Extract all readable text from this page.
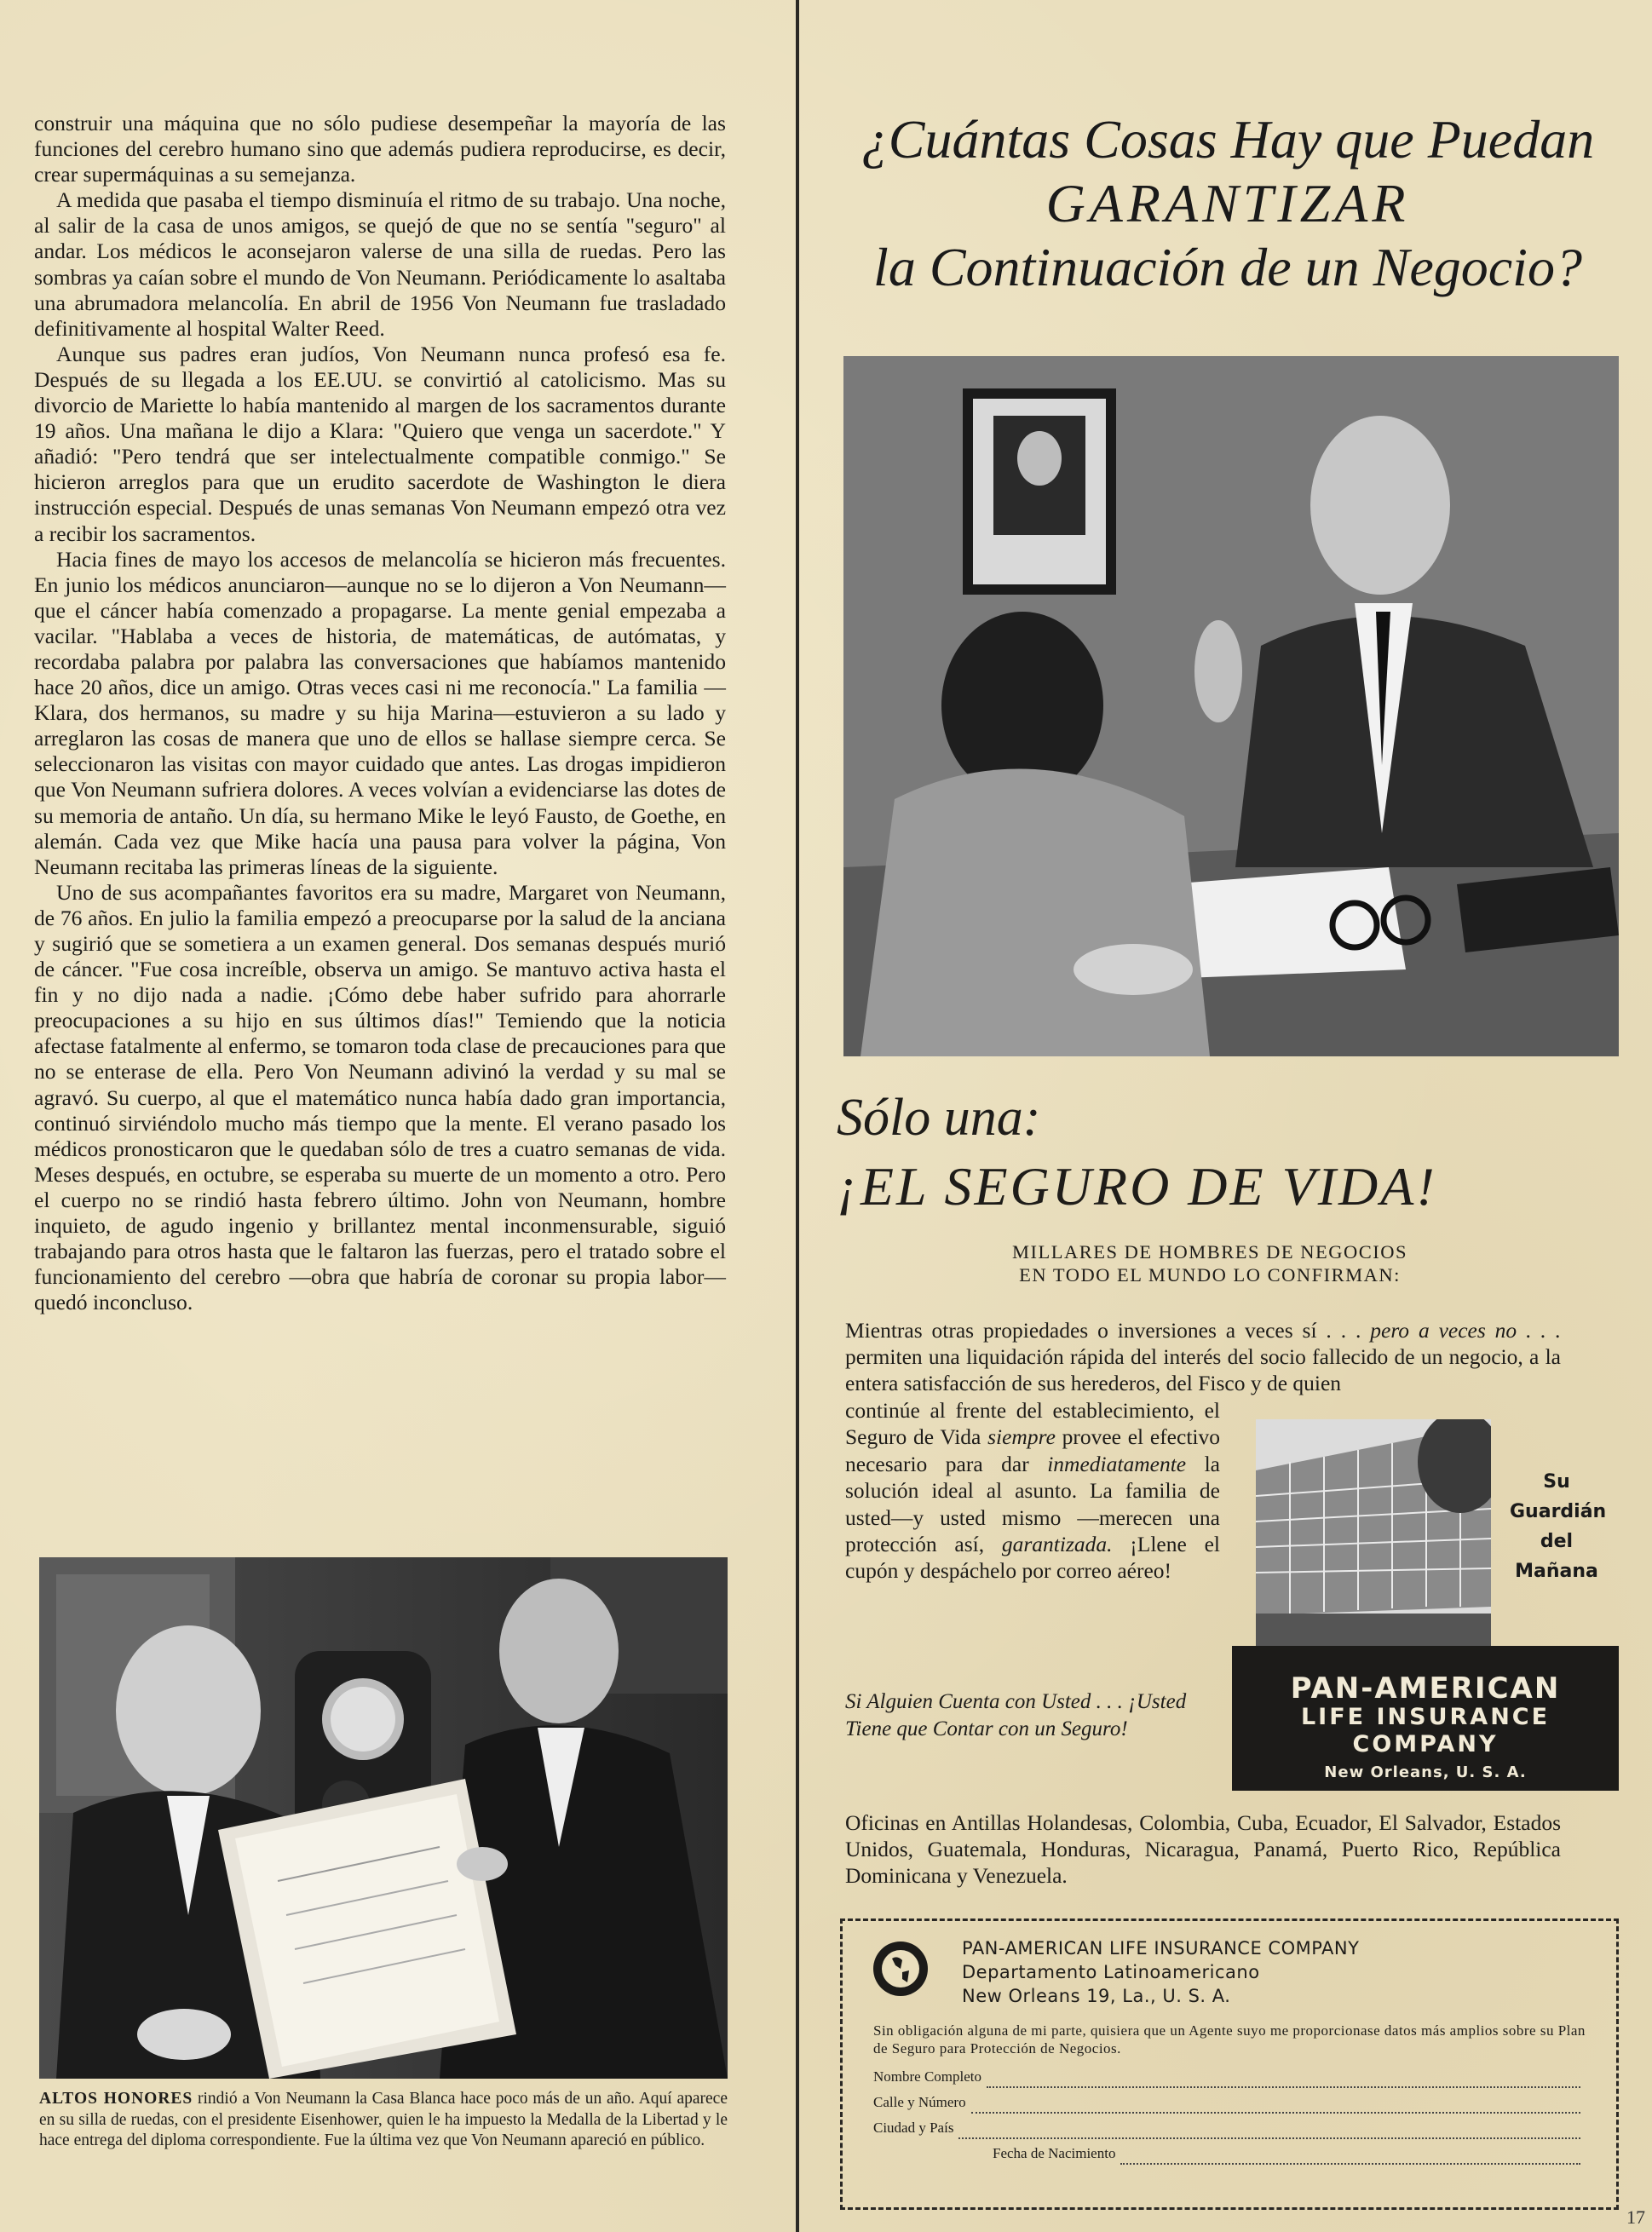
construir una máquina que no sólo pudiese desempeñar la mayoría de las funciones del cerebro humano sino que además pudiera reproducirse, es decir, crear supermáquinas a su semejanza.

A medida que pasaba el tiempo disminuía el ritmo de su trabajo. Una noche, al salir de la casa de unos amigos, se quejó de que no se sentía "seguro" al andar. Los médicos le aconsejaron valerse de una silla de ruedas. Pero las sombras ya caían sobre el mundo de Von Neumann. Periódicamente lo asaltaba una abrumadora melancolía. En abril de 1956 Von Neumann fue trasladado definitivamente al hospital Walter Reed.

Aunque sus padres eran judíos, Von Neumann nunca profesó esa fe. Después de su llegada a los EE.UU. se convirtió al catolicismo. Mas su divorcio de Mariette lo había mantenido al margen de los sacramentos durante 19 años. Una mañana le dijo a Klara: "Quiero que venga un sacerdote." Y añadió: "Pero tendrá que ser intelectualmente compatible conmigo." Se hicieron arreglos para que un erudito sacerdote de Washington le diera instrucción especial. Después de unas semanas Von Neumann empezó otra vez a recibir los sacramentos.

Hacia fines de mayo los accesos de melancolía se hicieron más frecuentes. En junio los médicos anunciaron—aunque no se lo dijeron a Von Neumann—que el cáncer había comenzado a propagarse. La mente genial empezaba a vacilar. "Hablaba a veces de historia, de matemáticas, de autómatas, y recordaba palabra por palabra las conversaciones que habíamos mantenido hace 20 años, dice un amigo. Otras veces casi ni me reconocía." La familia —Klara, dos hermanos, su madre y su hija Marina—estuvieron a su lado y arreglaron las cosas de manera que uno de ellos se hallase siempre cerca. Se seleccionaron las visitas con mayor cuidado que antes. Las drogas impidieron que Von Neumann sufriera dolores. A veces volvían a evidenciarse las dotes de su memoria de antaño. Un día, su hermano Mike le leyó Fausto, de Goethe, en alemán. Cada vez que Mike hacía una pausa para volver la página, Von Neumann recitaba las primeras líneas de la siguiente.

Uno de sus acompañantes favoritos era su madre, Margaret von Neumann, de 76 años. En julio la familia empezó a preocuparse por la salud de la anciana y sugirió que se sometiera a un examen general. Dos semanas después murió de cáncer. "Fue cosa increíble, observa un amigo. Se mantuvo activa hasta el fin y no dijo nada a nadie. ¡Cómo debe haber sufrido para ahorrarle preocupaciones a su hijo en sus últimos días!" Temiendo que la noticia afectase fatalmente al enfermo, se tomaron toda clase de precauciones para que no se enterase de ella. Pero Von Neumann adivinó la verdad y su mal se agravó. Su cuerpo, al que el matemático nunca había dado gran importancia, continuó sirviéndolo mucho más tiempo que la mente. El verano pasado los médicos pronosticaron que le quedaban sólo de tres a cuatro semanas de vida. Meses después, en octubre, se esperaba su muerte de un momento a otro. Pero el cuerpo no se rindió hasta febrero último. John von Neumann, hombre inquieto, de agudo ingenio y brillantez mental inconmensurable, siguió trabajando para otros hasta que le faltaron las fuerzas, pero el tratado sobre el funcionamiento del cerebro —obra que habría de coronar su propia labor—quedó inconcluso.

ALTOS HONORES rindió a Von Neumann la Casa Blanca hace poco más de un año. Aquí aparece en su silla de ruedas, con el presidente Eisenhower, quien le ha impuesto la Medalla de la Libertad y le hace entrega del diploma correspondiente. Fue la última vez que Von Neumann apareció en público.
¿Cuántas Cosas Hay que Puedan
GARANTIZAR
la Continuación de un Negocio?
Sólo una:
¡EL SEGURO DE VIDA!
MILLARES DE HOMBRES DE NEGOCIOS
EN TODO EL MUNDO LO CONFIRMAN:
Mientras otras propiedades o inversiones a veces sí . . . pero a veces no . . . permiten una liquidación rápida del interés del socio fallecido de un negocio, a la entera satisfacción de sus herederos, del Fisco y de quien
continúe al frente del establecimiento, el Seguro de Vida siempre provee el efectivo necesario para dar inmediatamente la solución ideal al asunto. La familia de usted—y usted mismo —merecen una protección así, garantizada. ¡Llene el cupón y despáchelo por correo aéreo!
Si Alguien Cuenta con Usted . . . ¡Usted Tiene que Contar con un Seguro!
Su
Guardián
del
Mañana
PAN-AMERICAN
LIFE INSURANCE
COMPANY
New Orleans, U. S. A.
Oficinas en Antillas Holandesas, Colombia, Cuba, Ecuador, El Salvador, Estados Unidos, Guatemala, Honduras, Nicaragua, Panamá, Puerto Rico, República Dominicana y Venezuela.
PAN-AMERICAN LIFE INSURANCE COMPANY
Departamento Latinoamericano
New Orleans 19, La., U. S. A.
Sin obligación alguna de mi parte, quisiera que un Agente suyo me proporcionase datos más amplios sobre su Plan de Seguro para Protección de Negocios.
Nombre Completo
Calle y Número
Ciudad y País
Fecha de Nacimiento
17
